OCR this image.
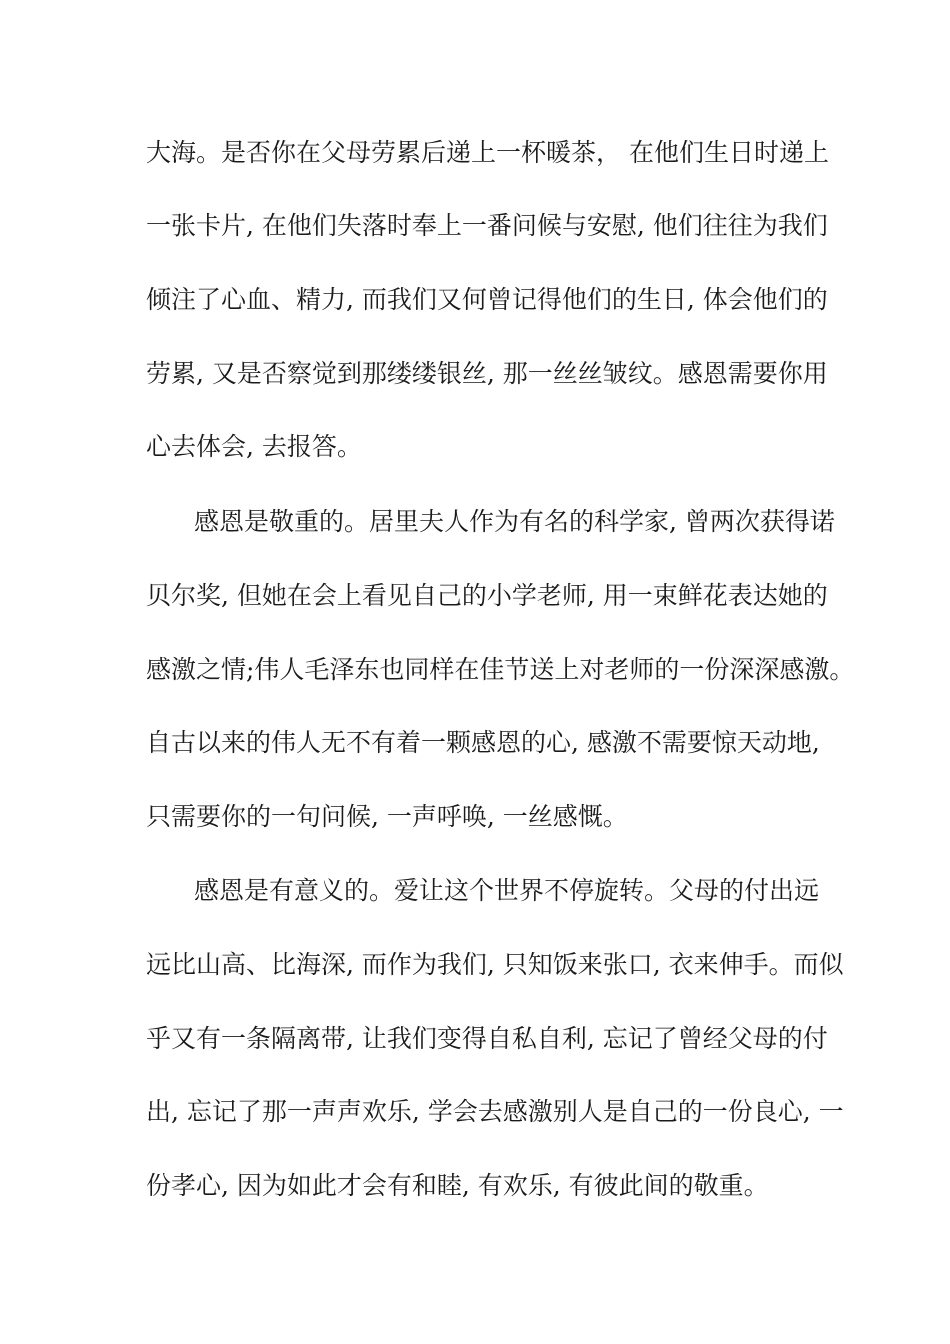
大海。是否你在父母劳累后递上一杯暖茶， 在他们生日时递上

一张卡片, 在他们失落时奉上一番问候与安慰, 他们往往为我们

倾注了心血、精力, 而我们又何曾记得他们的生日, 体会他们的

劳累, 又是否察觉到那缕缕银丝, 那一丝丝皱纹。感恩需要你用

心去体会, 去报答。

感恩是敬重的。居里夫人作为有名的科学家, 曾两次获得诺

贝尔奖, 但她在会上看见自己的小学老师, 用一束鲜花表达她的

感激之情;伟人毛泽东也同样在佳节送上对老师的一份深深感激。

自古以来的伟人无不有着一颗感恩的心, 感激不需要惊天动地,

只需要你的一句问候, 一声呼唤, 一丝感慨。

感恩是有意义的。爱让这个世界不停旋转。父母的付出远

远比山高、比海深, 而作为我们, 只知饭来张口, 衣来伸手。而似

乎又有一条隔离带, 让我们变得自私自利, 忘记了曾经父母的付

出, 忘记了那一声声欢乐, 学会去感激别人是自己的一份良心, 一

份孝心, 因为如此才会有和睦, 有欢乐, 有彼此间的敬重。
